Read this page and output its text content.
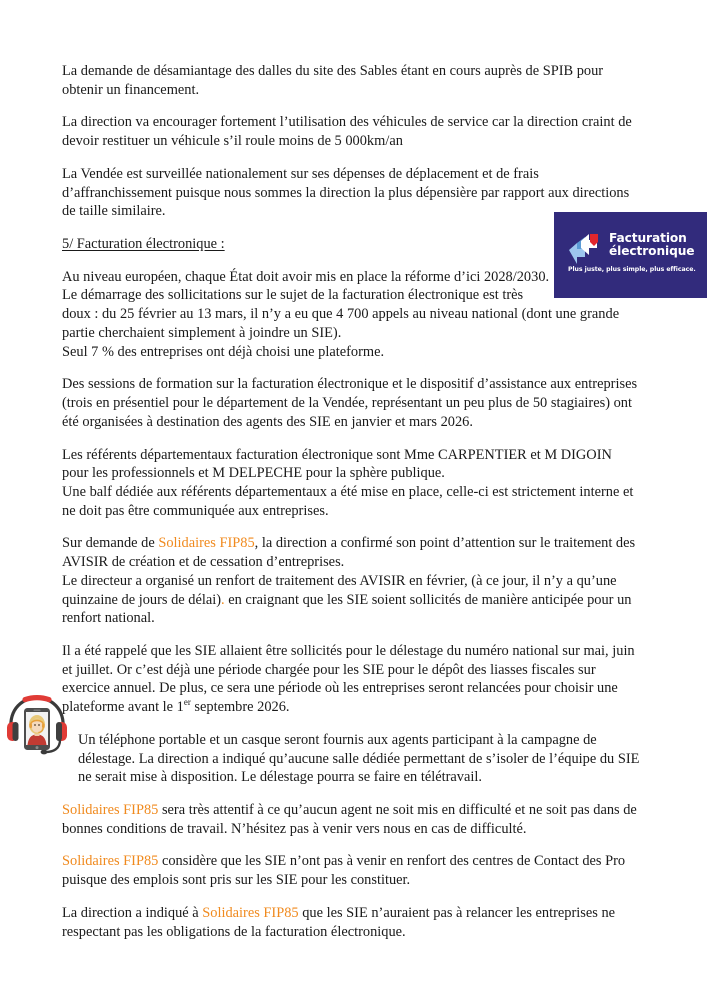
La demande de désamiantage des dalles du site des Sables étant en cours auprès de SPIB pour obtenir un financement.

La direction va encourager fortement l’utilisation des véhicules de service car la direction craint de devoir restituer un véhicule s’il roule moins de 5 000km/an

La Vendée est surveillée nationalement sur ses dépenses de déplacement et de frais d’affranchissement puisque nous sommes la direction la plus dépensière par rapport aux directions de taille similaire.

5/ Facturation électronique :

Au niveau européen, chaque État doit avoir mis en place la réforme d’ici 2028/2030.
Le démarrage des sollicitations sur le sujet de la facturation électronique est très
doux : du 25 février au 13 mars, il n’y a eu que 4 700 appels au niveau national (dont une grande partie cherchaient simplement à joindre un SIE).
Seul 7 % des entreprises ont déjà choisi une plateforme.

Des sessions de formation sur la facturation électronique et le dispositif d’assistance aux entreprises (trois en présentiel pour le département de la Vendée, représentant un peu plus de 50 stagiaires) ont été organisées à destination des agents des SIE en janvier et mars 2026.

Les référents départementaux facturation électronique sont Mme CARPENTIER et M DIGOIN
pour les professionnels et M DELPECHE pour la sphère publique.
Une balf dédiée aux référents départementaux a été mise en place, celle-ci est strictement interne et ne doit pas être communiquée aux entreprises.

Sur demande de Solidaires FIP85, la direction a confirmé son point d’attention sur le traitement des AVISIR de création et de cessation d’entreprises.
Le directeur a organisé un renfort de traitement des AVISIR en février, (à ce jour, il n’y a qu’une quinzaine de jours de délai). en craignant que les SIE soient sollicités de manière anticipée pour un renfort national.

Il a été rappelé que les SIE allaient être sollicités pour le délestage du numéro national sur mai, juin et juillet. Or c’est déjà une période chargée pour les SIE pour le dépôt des liasses fiscales sur exercice annuel. De plus, ce sera une période où les entreprises seront relancées pour choisir une plateforme avant le 1er septembre 2026.

Un téléphone portable et un casque seront fournis aux agents participant à la campagne de délestage. La direction a indiqué qu’aucune salle dédiée permettant de s’isoler de l’équipe du SIE ne serait mise à disposition. Le délestage pourra se faire en télétravail.

Solidaires FIP85 sera très attentif à ce qu’aucun agent ne soit mis en difficulté et ne soit pas dans de bonnes conditions de travail. N’hésitez pas à venir vers nous en cas de difficulté.

Solidaires FIP85 considère que les SIE n’ont pas à venir en renfort des centres de Contact des Pro puisque des emplois sont pris sur les SIE pour les constituer.

La direction a indiqué à Solidaires FIP85 que les SIE n’auraient pas à relancer les entreprises ne respectant pas les obligations de la facturation électronique.

Facturation
électronique
Plus juste, plus simple, plus efficace.
